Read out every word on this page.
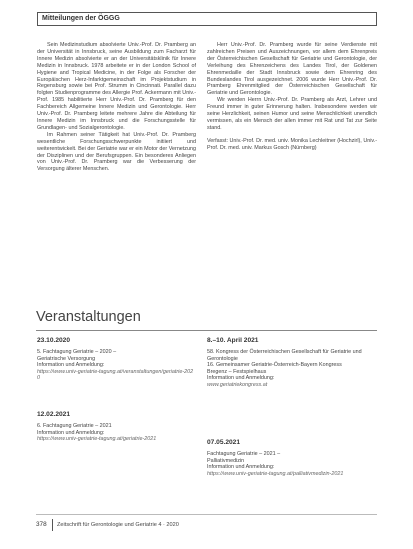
Mitteilungen der ÖGGG

Sein Medizinstudium absolvierte Univ.-Prof. Dr. Pramberg an der Universität in Innsbruck, seine Ausbildung zum Facharzt für Innere Medizin absolvierte er an der Universitätsklinik für Innere Medizin in Innsbruck. 1978 arbeitete er in der London School of Hygiene and Tropical Medicine, in der Folge als Forscher der Europäischen Herz-Infarktgemeinschaft im Projektstudium in Regensburg sowie bei Prof. Strumm in Cincinnati. Parallel dazu folgten Studienprogramme des Allergie Prof. Ackermann mit Univ.-Prof. 1985 habilitierte Herr Univ.-Prof. Dr. Pramberg für den Fachbereich Allgemeine Innere Medizin und Gerontologie. Herr Univ.-Prof. Dr. Pramberg leitete mehrere Jahre die Abteilung für Innere Medizin im Innsbruck und die Forschungsstelle für Grundlagen- und Sozialgerontologie.

Im Rahmen seiner Tätigkeit hat Univ.-Prof. Dr. Pramberg wesentliche Forschungsschwerpunkte initiiert und weiterentwickelt. Bei der Geriatrie war er ein Motor der Vernetzung der Disziplinen und der Berufsgruppen. Ein besonderes Anliegen von Univ.-Prof. Dr. Pramberg war die Verbesserung der Versorgung älterer Menschen.

Herr Univ.-Prof. Dr. Pramberg wurde für seine Verdienste mit zahlreichen Preisen und Auszeichnungen, vor allem dem Ehrenpreis der Österreichischen Gesellschaft für Geriatrie und Gerontologie, der Verleihung des Ehrenzeichens des Landes Tirol, der Goldenen Ehrenmedaille der Stadt Innsbruck sowie dem Ehrenring des Bundeslandes Tirol ausgezeichnet. 2006 wurde Herr Univ.-Prof. Dr. Pramberg Ehrenmitglied der Österreichischen Gesellschaft für Geriatrie und Gerontologie.

Wir werden Herrn Univ.-Prof. Dr. Pramberg als Arzt, Lehrer und Freund immer in guter Erinnerung halten. Insbesondere werden wir seine Herzlichkeit, seinen Humor und seine Menschlichkeit unendlich vermissen, als ein Mensch der allen immer mit Rat und Tat zur Seite stand.

Verfasst: Univ.-Prof. Dr. med. univ. Monika Lechleitner (Hochzirl), Univ.-Prof. Dr. med. univ. Markus Gosch (Nürnberg)

Veranstaltungen
23.10.2020

5. Fachtagung Geriatrie – 2020 –

Geriatrische Versorgung

Information und Anmeldung:

https://www.univ-geriatrie-tagung.at/veranstaltungen/geriatrie-2020

12.02.2021

6. Fachtagung Geriatrie – 2021

Information und Anmeldung:

https://www.univ-geriatrie-tagung.at/geriatrie-2021

8.–10. April 2021

58. Kongress der Österreichischen Gesellschaft für Geriatrie und Gerontologie

16. Gemeinsamer Geriatrie-Österreich-Bayern Kongress

Bregenz – Festspielhaus

Information und Anmeldung:

www.geriatriekongress.at

07.05.2021

Fachtagung Geriatrie – 2021 –

Palliativmedizin

Information und Anmeldung:

https://www.univ-geriatrie-tagung.at/palliativmedizin-2021

378 Zeitschrift für Gerontologie und Geriatrie 4 · 2020
